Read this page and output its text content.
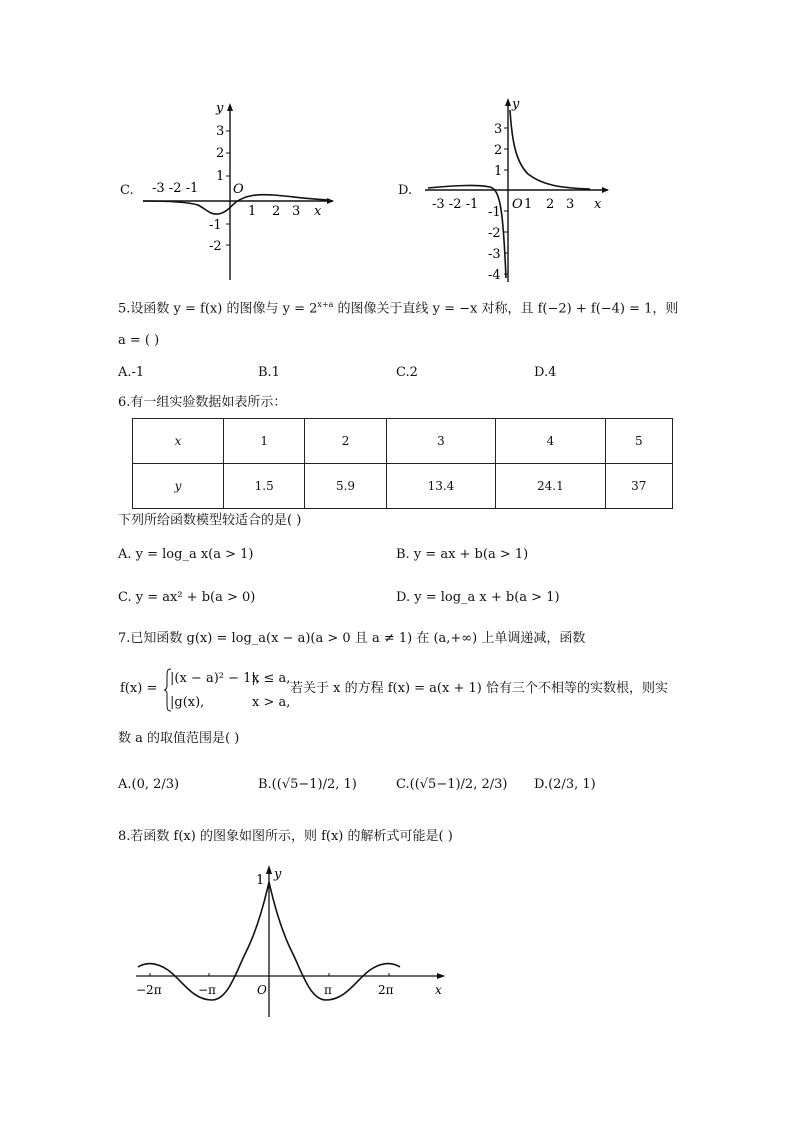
C.
y
3
2
1
-1
-2
-3 -2 -1	O
1 2 3 x
D.
y
3
2
1
-1
-2
-3
-4
-3 -2 -1	O 1 2 3 x
5.设函数 y = f(x) 的图像与 $y = 2^{x+a}$ 的图像关于直线 y = −x 对称，且 f(−2) + f(−4) = 1，则
a = ( )
A.-1	B.1	C.2	D.4
6.有一组实验数据如表所示：
x	1	2	3	4	5
y	1.5	5.9	13.4	24.1	37
下列所给函数模型较适合的是( )
A. y = log_a x(a > 1)	B. y = ax + b(a > 1)
C. y = ax² + b(a > 0)	D. y = log_a x + b(a > 1)
7.已知函数 g(x) = log_a(x − a)(a > 0 且 a ≠ 1) 在 (a,+∞) 上单调递减，函数
f(x) =
|(x − a)² − 1|,
x ≤ a,
|g(x),	x > a,
若关于 x 的方程 f(x) = a(x + 1) 恰有三个不相等的实数根，则实
数 a 的取值范围是( )
A.(0, 2/3)	B.((√5−1)/2, 1)	C.((√5−1)/2, 2/3) D.(2/3, 1)
8.若函数 f(x) 的图象如图所示，则 f(x) 的解析式可能是( )
1 y
x
−2π	−π	O	π	2π
